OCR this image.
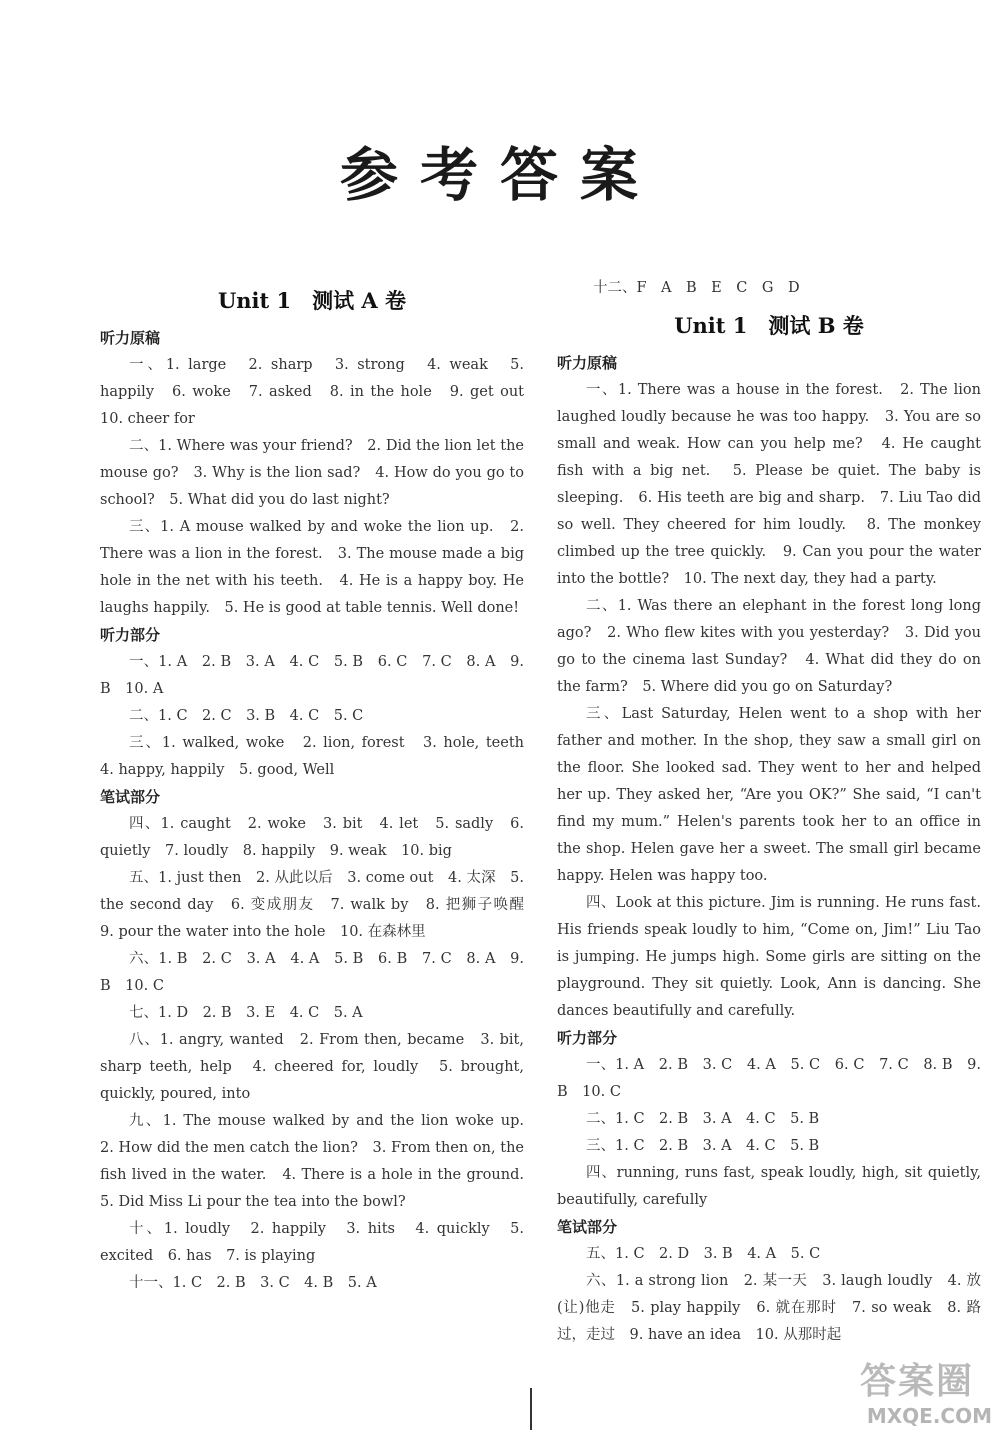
参考答案
Unit 1　测试 A 卷
听力原稿

一、1. large　2. sharp　3. strong　4. weak　5. happily　6. woke　7. asked　8. in the hole　9. get out　10. cheer for

二、1. Where was your friend?　2. Did the lion let the mouse go?　3. Why is the lion sad?　4. How do you go to school?　5. What did you do last night?

三、1. A mouse walked by and woke the lion up.　2. There was a lion in the forest.　3. The mouse made a big hole in the net with his teeth.　4. He is a happy boy. He laughs happily.　5. He is good at table tennis. Well done!

听力部分

一、1. A　2. B　3. A　4. C　5. B　6. C　7. C　8. A　9. B　10. A

二、1. C　2. C　3. B　4. C　5. C

三、1. walked, woke　2. lion, forest　3. hole, teeth　4. happy, happily　5. good, Well

笔试部分

四、1. caught　2. woke　3. bit　4. let　5. sadly　6. quietly　7. loudly　8. happily　9. weak　10. big

五、1. just then　2. 从此以后　3. come out　4. 太深　5. the second day　6. 变成朋友　7. walk by　8. 把狮子唤醒　9. pour the water into the hole　10. 在森林里

六、1. B　2. C　3. A　4. A　5. B　6. B　7. C　8. A　9. B　10. C

七、1. D　2. B　3. E　4. C　5. A

八、1. angry, wanted　2. From then, became　3. bit, sharp teeth, help　4. cheered for, loudly　5. brought, quickly, poured, into

九、1. The mouse walked by and the lion woke up.　2. How did the men catch the lion?　3. From then on, the fish lived in the water.　4. There is a hole in the ground.　5. Did Miss Li pour the tea into the bowl?

十、1. loudly　2. happily　3. hits　4. quickly　5. excited　6. has　7. is playing

十一、1. C　2. B　3. C　4. B　5. A

十二、F　A　B　E　C　G　D

Unit 1　测试 B 卷
听力原稿

一、1. There was a house in the forest.　2. The lion laughed loudly because he was too happy.　3. You are so small and weak. How can you help me?　4. He caught fish with a big net.　5. Please be quiet. The baby is sleeping.　6. His teeth are big and sharp.　7. Liu Tao did so well. They cheered for him loudly.　8. The monkey climbed up the tree quickly.　9. Can you pour the water into the bottle?　10. The next day, they had a party.

二、1. Was there an elephant in the forest long long ago?　2. Who flew kites with you yesterday?　3. Did you go to the cinema last Sunday?　4. What did they do on the farm?　5. Where did you go on Saturday?

三、Last Saturday, Helen went to a shop with her father and mother. In the shop, they saw a small girl on the floor. She looked sad. They went to her and helped her up. They asked her, “Are you OK?” She said, “I can't find my mum.” Helen's parents took her to an office in the shop. Helen gave her a sweet. The small girl became happy. Helen was happy too.

四、Look at this picture. Jim is running. He runs fast. His friends speak loudly to him, “Come on, Jim!” Liu Tao is jumping. He jumps high. Some girls are sitting on the playground. They sit quietly. Look, Ann is dancing. She dances beautifully and carefully.

听力部分

一、1. A　2. B　3. C　4. A　5. C　6. C　7. C　8. B　9. B　10. C

二、1. C　2. B　3. A　4. C　5. B

三、1. C　2. B　3. A　4. C　5. B

四、running, runs fast, speak loudly, high, sit quietly, beautifully, carefully

笔试部分

五、1. C　2. D　3. B　4. A　5. C

六、1. a strong lion　2. 某一天　3. laugh loudly　4. 放(让)他走　5. play happily　6. 就在那时　7. so weak　8. 路过，走过　9. have an idea　10. 从那时起

答案圈
MXQE.COM
